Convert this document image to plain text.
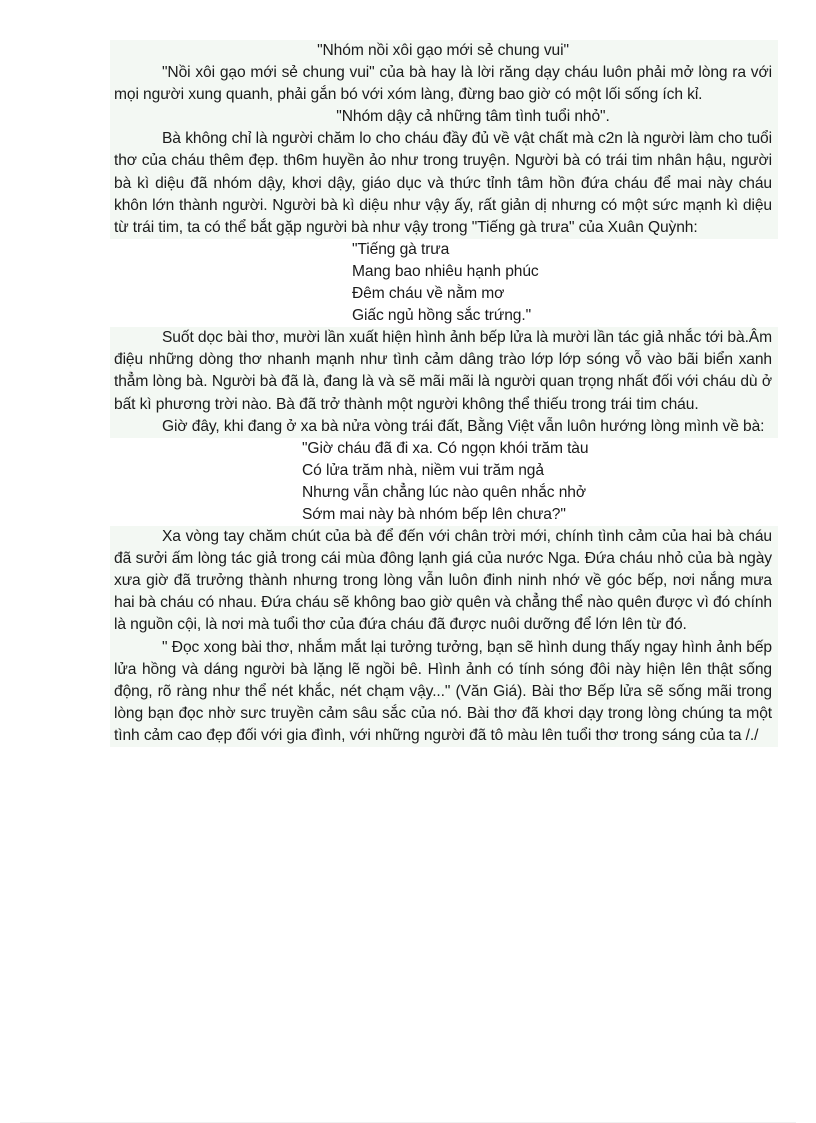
"Nhóm nồi xôi gạo mới sẻ chung vui"

"Nồi xôi gạo mới sẻ chung vui" của bà hay là lời răng dạy cháu luôn phải mở lòng ra với mọi người xung quanh, phải gắn bó với xóm làng, đừng bao giờ có một lối sống ích kỉ.

"Nhóm dậy cả những tâm tình tuổi nhỏ".

Bà không chỉ là người chăm lo cho cháu đầy đủ về vật chất mà c2n là người làm cho tuổi thơ của cháu thêm đẹp. th6m huyền ảo như trong truyện. Người bà có trái tim nhân hậu, người bà kì diệu đã nhóm dậy, khơi dậy, giáo dục và thức tỉnh tâm hồn đứa cháu để mai này cháu khôn lớn thành người. Người bà kì diệu như vậy ấy, rất giản dị nhưng có một sức mạnh kì diệu từ trái tim, ta có thể bắt gặp người bà như vậy trong "Tiếng gà trưa" của Xuân Quỳnh:

"Tiếng gà trưa
Mang bao nhiêu hạnh phúc
Đêm cháu về nằm mơ
Giấc ngủ hồng sắc trứng."

Suốt dọc bài thơ, mười lần xuất hiện hình ảnh bếp lửa là mười lần tác giả nhắc tới bà.Âm điệu những dòng thơ nhanh mạnh như tình cảm dâng trào lớp lớp sóng vỗ vào bãi biển xanh thẳm lòng bà. Người bà đã là, đang là và sẽ mãi mãi là người quan trọng nhất đối với cháu dù ở bất kì phương trời nào. Bà đã trở thành một người không thể thiếu trong trái tim cháu.

Giờ đây, khi đang ở xa bà nửa vòng trái đất, Bằng Việt vẫn luôn hướng lòng mình về bà:

"Giờ cháu đã đi xa. Có ngọn khói trăm tàu
Có lửa trăm nhà, niềm vui trăm ngả
Nhưng vẫn chẳng lúc nào quên nhắc nhở
Sớm mai này bà nhóm bếp lên chưa?"

Xa vòng tay chăm chút của bà để đến với chân trời mới, chính tình cảm của hai bà cháu đã sưởi ấm lòng tác giả trong cái mùa đông lạnh giá của nước Nga. Đứa cháu nhỏ của bà ngày xưa giờ đã trưởng thành nhưng trong lòng vẫn luôn đinh ninh nhớ về góc bếp, nơi nắng mưa hai bà cháu có nhau. Đứa cháu sẽ không bao giờ quên và chẳng thể nào quên được vì đó chính là nguồn cội, là nơi mà tuổi thơ của đứa cháu đã được nuôi dưỡng để lớn lên từ đó.

" Đọc xong bài thơ, nhắm mắt lại tưởng tưởng, bạn sẽ hình dung thấy ngay hình ảnh bếp lửa hồng và dáng người bà lặng lẽ ngồi bê. Hình ảnh có tính sóng đôi này hiện lên thật sống động, rõ ràng như thể nét khắc, nét chạm vậy..." (Văn Giá). Bài thơ Bếp lửa sẽ sống mãi trong lòng bạn đọc nhờ sưc truyền cảm sâu sắc của nó. Bài thơ đã khơi dạy trong lòng chúng ta một tình cảm cao đẹp đối với gia đình, với những người đã tô màu lên tuổi thơ trong sáng của ta /./
